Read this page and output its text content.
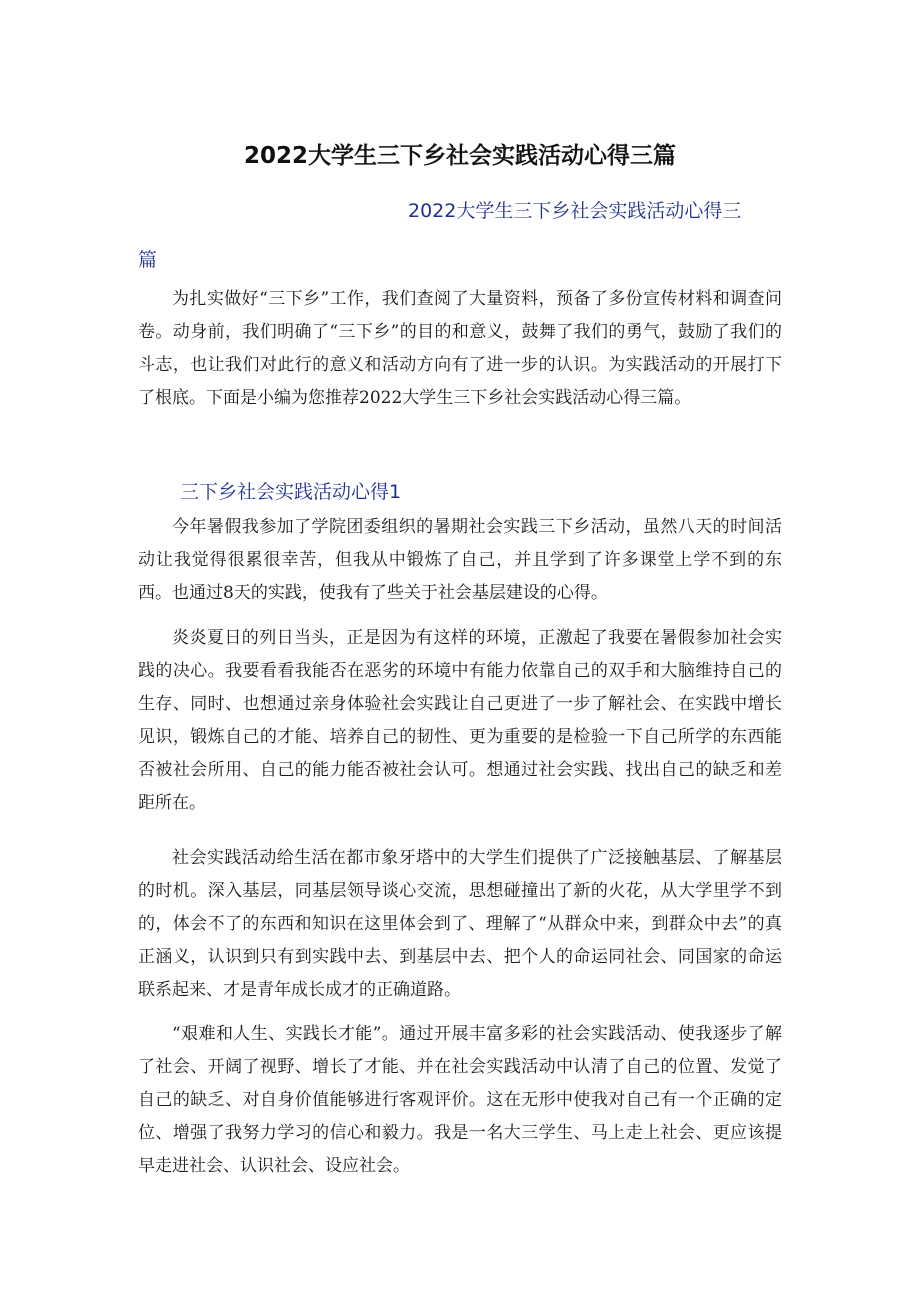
2022大学生三下乡社会实践活动心得三篇
2022大学生三下乡社会实践活动心得三
篇

为扎实做好“三下乡”工作，我们查阅了大量资料，预备了多份宣传材料和调查问卷。动身前，我们明确了“三下乡”的目的和意义，鼓舞了我们的勇气，鼓励了我们的斗志，也让我们对此行的意义和活动方向有了进一步的认识。为实践活动的开展打下了根底。下面是小编为您推荐2022大学生三下乡社会实践活动心得三篇。

三下乡社会实践活动心得1

今年暑假我参加了学院团委组织的暑期社会实践三下乡活动，虽然八天的时间活动让我觉得很累很幸苦，但我从中锻炼了自己，并且学到了许多课堂上学不到的东西。也通过8天的实践，使我有了些关于社会基层建设的心得。

炎炎夏日的列日当头，正是因为有这样的环境，正激起了我要在暑假参加社会实践的决心。我要看看我能否在恶劣的环境中有能力依靠自己的双手和大脑维持自己的生存、同时、也想通过亲身体验社会实践让自己更进了一步了解社会、在实践中增长见识，锻炼自己的才能、培养自己的韧性、更为重要的是检验一下自己所学的东西能否被社会所用、自己的能力能否被社会认可。想通过社会实践、找出自己的缺乏和差距所在。

社会实践活动给生活在都市象牙塔中的大学生们提供了广泛接触基层、了解基层的时机。深入基层，同基层领导谈心交流，思想碰撞出了新的火花，从大学里学不到的，体会不了的东西和知识在这里体会到了、理解了“从群众中来，到群众中去”的真正涵义，认识到只有到实践中去、到基层中去、把个人的命运同社会、同国家的命运联系起来、才是青年成长成才的正确道路。

“艰难和人生、实践长才能”。通过开展丰富多彩的社会实践活动、使我逐步了解了社会、开阔了视野、增长了才能、并在社会实践活动中认清了自己的位置、发觉了自己的缺乏、对自身价值能够进行客观评价。这在无形中使我对自己有一个正确的定位、增强了我努力学习的信心和毅力。我是一名大三学生、马上走上社会、更应该提早走进社会、认识社会、设应社会。
